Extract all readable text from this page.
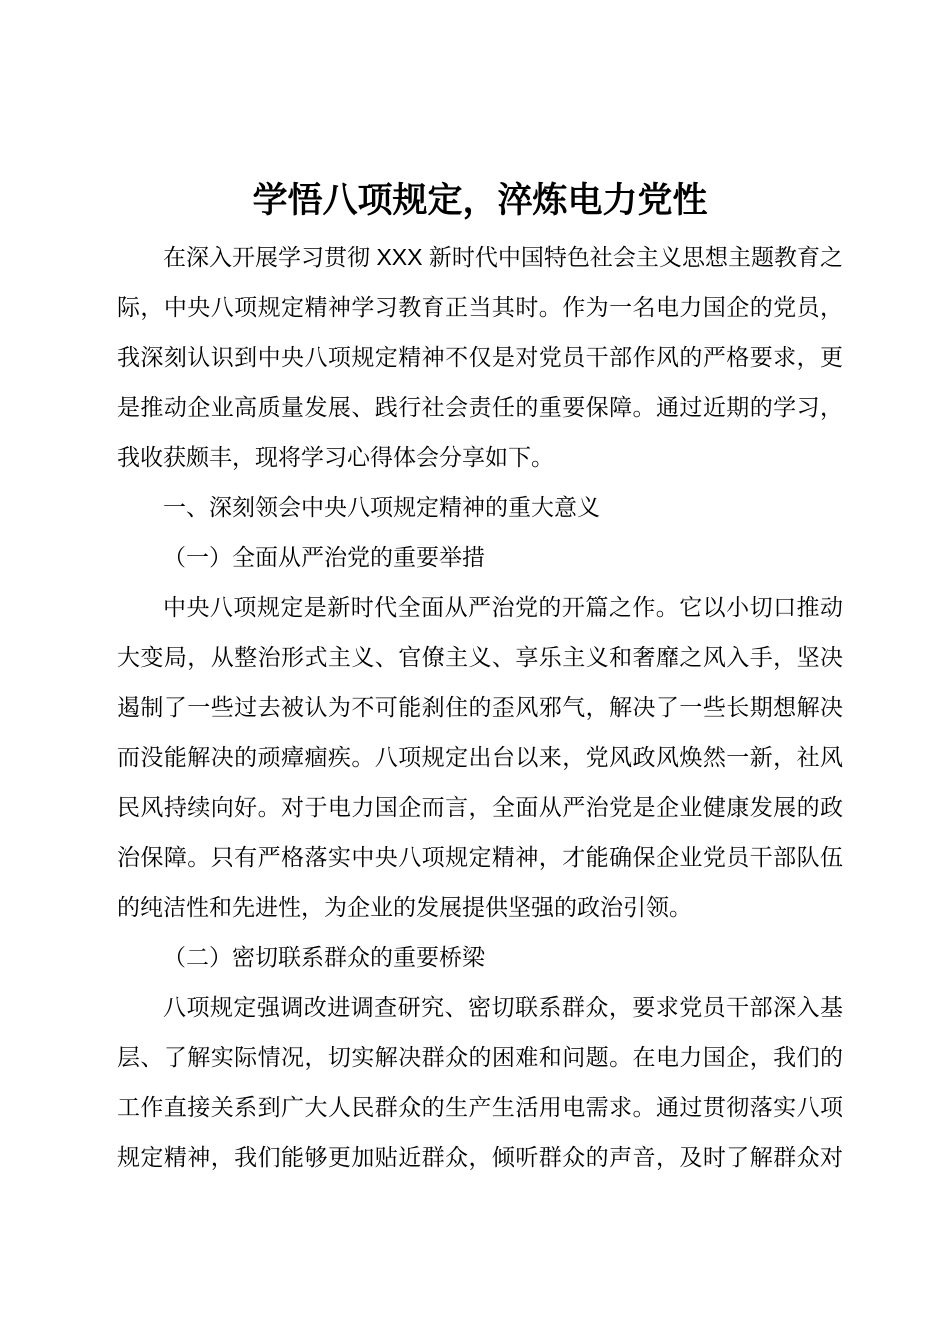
学悟八项规定，淬炼电力党性

在深入开展学习贯彻 XXX 新时代中国特色社会主义思想主题教育之际，中央八项规定精神学习教育正当其时。作为一名电力国企的党员，我深刻认识到中央八项规定精神不仅是对党员干部作风的严格要求，更是推动企业高质量发展、践行社会责任的重要保障。通过近期的学习，我收获颇丰，现将学习心得体会分享如下。

一、深刻领会中央八项规定精神的重大意义

（一）全面从严治党的重要举措

中央八项规定是新时代全面从严治党的开篇之作。它以小切口推动大变局，从整治形式主义、官僚主义、享乐主义和奢靡之风入手，坚决遏制了一些过去被认为不可能刹住的歪风邪气，解决了一些长期想解决而没能解决的顽瘴痼疾。八项规定出台以来，党风政风焕然一新，社风民风持续向好。对于电力国企而言，全面从严治党是企业健康发展的政治保障。只有严格落实中央八项规定精神，才能确保企业党员干部队伍的纯洁性和先进性，为企业的发展提供坚强的政治引领。

（二）密切联系群众的重要桥梁

八项规定强调改进调查研究、密切联系群众，要求党员干部深入基层、了解实际情况，切实解决群众的困难和问题。在电力国企，我们的工作直接关系到广大人民群众的生产生活用电需求。通过贯彻落实八项规定精神，我们能够更加贴近群众，倾听群众的声音，及时了解群众对
